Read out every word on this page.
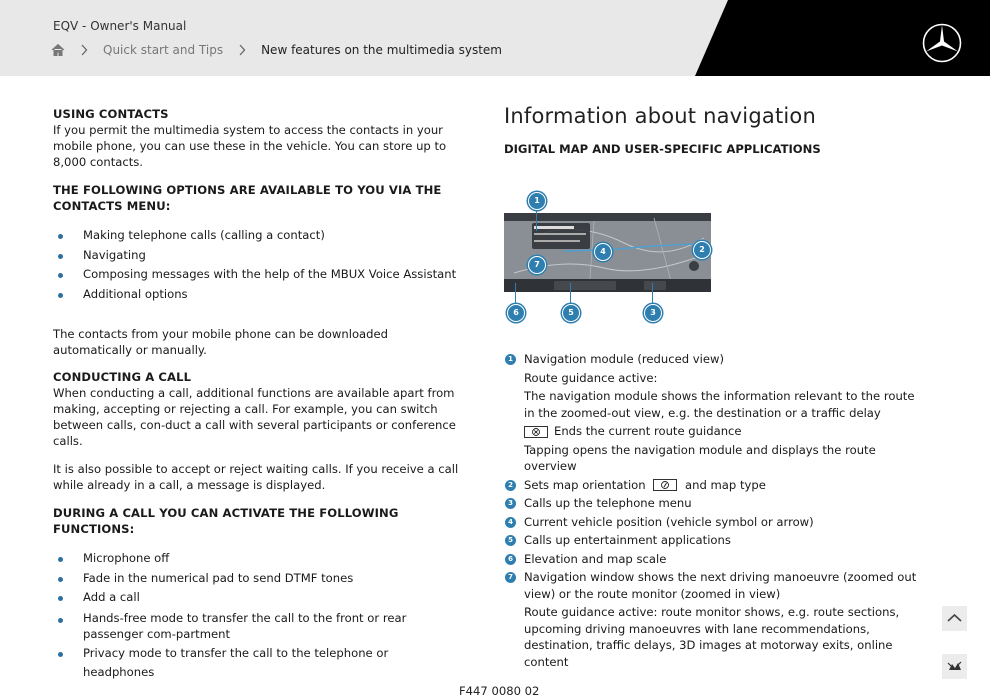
EQV - Owner's Manual
Quick start and Tips	New features on the multimedia system
USING CONTACTS

If you permit the multimedia system to access the contacts in your mobile phone, you can use these in the vehicle. You can store up to 8,000 contacts.

THE FOLLOWING OPTIONS ARE AVAILABLE TO YOU VIA THE CONTACTS MENU:
Making telephone calls (calling a contact)
Navigating
Composing messages with the help of the MBUX Voice Assistant
Additional options

The contacts from your mobile phone can be downloaded automatically or manually.

CONDUCTING A CALL

When conducting a call, additional functions are available apart from making, accepting or rejecting a call. For example, you can switch between calls, con-duct a call with several participants or conference calls.

It is also possible to accept or reject waiting calls. If you receive a call while already in a call, a message is displayed.

DURING A CALL YOU CAN ACTIVATE THE FOLLOWING FUNCTIONS:
Microphone off
Fade in the numerical pad to send DTMF tones
Add a call
Hands-free mode to transfer the call to the front or rear passenger com-partment
Privacy mode to transfer the call to the telephone or headphones
Information about navigation
DIGITAL MAP AND USER-SPECIFIC APPLICATIONS
1
2
3
4
5
6
7
1 Navigation module (reduced view)
Route guidance active:
The navigation module shows the information relevant to the route in the zoomed-out view, e.g. the destination or a traffic delay
Ends the current route guidance
Tapping opens the navigation module and displays the route overview
2 Sets map orientation	and map type
3 Calls up the telephone menu
4 Current vehicle position (vehicle symbol or arrow)
5 Calls up entertainment applications
6 Elevation and map scale
7 Navigation window shows the next driving manoeuvre (zoomed out view) or the route monitor (zoomed in view)
Route guidance active: route monitor shows, e.g. route sections, upcoming driving manoeuvres with lane recommendations, destination, traffic delays, 3D images at motorway exits, online content
F447 0080 02
